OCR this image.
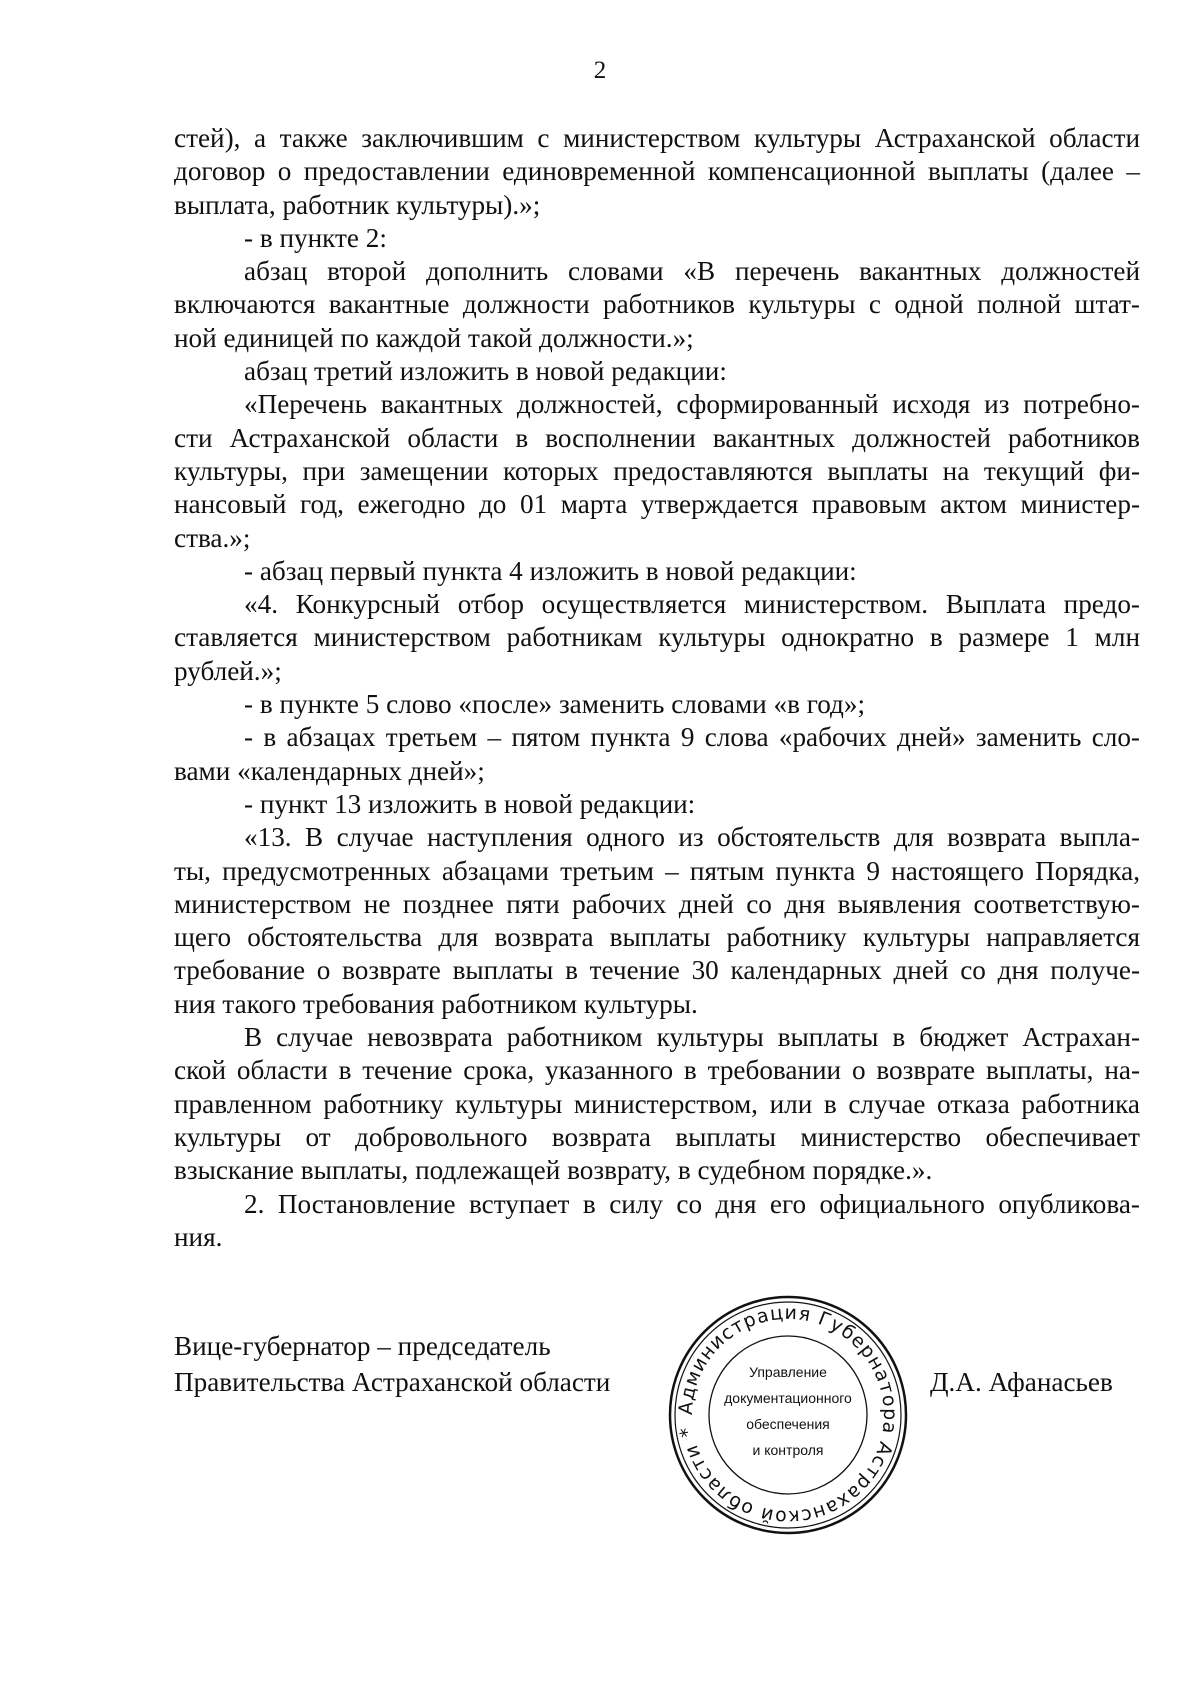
2

стей), а также заключившим с министерством культуры Астраханской области
договор о предоставлении единовременной компенсационной выплаты (далее –

выплата, работник культуры).»;

- в пункте 2:

абзац второй дополнить словами «В перечень вакантных должностей включаются вакантные должности работников культуры с одной полной штат-

ной единицей по каждой такой должности.»;

абзац третий изложить в новой редакции:

«Перечень вакантных должностей, сформированный исходя из потребно-

сти Астраханской области в восполнении вакантных должностей работников

культуры, при замещении которых предоставляются выплаты на текущий фи-

нансовый год, ежегодно до 01 марта утверждается правовым актом министер-

ства.»;

- абзац первый пункта 4 изложить в новой редакции:

«4. Конкурсный отбор осуществляется министерством. Выплата предо-

ставляется министерством работникам культуры однократно в размере 1 млн

рублей.»;

- в пункте 5 слово «после» заменить словами «в год»;

- в абзацах третьем – пятом пункта 9 слова «рабочих дней» заменить сло-

вами «календарных дней»;

- пункт 13 изложить в новой редакции:

«13. В случае наступления одного из обстоятельств для возврата выпла-

ты, предусмотренных абзацами третьим – пятым пункта 9 настоящего Порядка,

министерством не позднее пяти рабочих дней со дня выявления соответствую-

щего обстоятельства для возврата выплаты работнику культуры направляется

требование о возврате выплаты в течение 30 календарных дней со дня получе-

ния такого требования работником культуры.

В случае невозврата работником культуры выплаты в бюджет Астрахан-

ской области в течение срока, указанного в требовании о возврате выплаты, на-

правленном работнику культуры министерством, или в случае отказа работника

культуры от добровольного возврата выплаты министерство обеспечивает

взыскание выплаты, подлежащей возврату, в судебном порядке.».

2. Постановление вступает в силу со дня его официального опубликова-

ния.

Вице-губернатор – председатель
Правительства Астраханской области	Д.А. Афанасьев
Администрация Губернатора Астраханской области *
Управление
документационного
обеспечения
и контроля
